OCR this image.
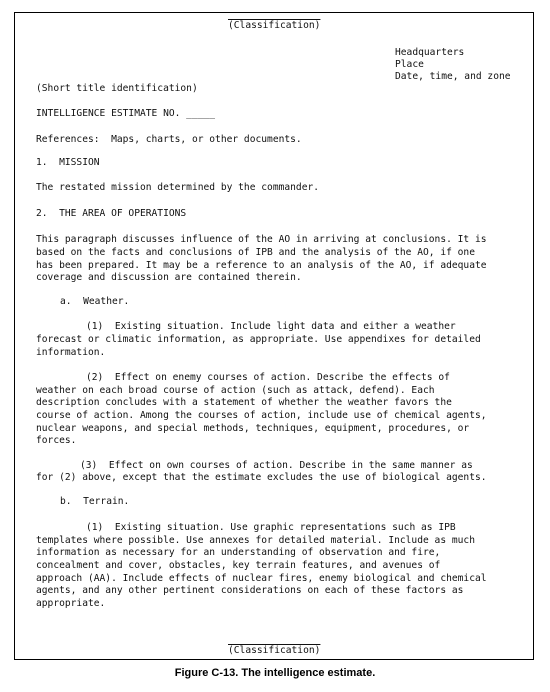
(Classification)
Headquarters
Place
Date, time, and zone
(Short title identification)
INTELLIGENCE ESTIMATE NO. _____
References:  Maps, charts, or other documents.
1.  MISSION
The restated mission determined by the commander.
2.  THE AREA OF OPERATIONS
This paragraph discusses influence of the AO in arriving at conclusions. It is
based on the facts and conclusions of IPB and the analysis of the AO, if one
has been prepared. It may be a reference to an analysis of the AO, if adequate
coverage and discussion are contained therein.
a.  Weather.
(1)  Existing situation. Include light data and either a weather
forecast or climatic information, as appropriate. Use appendixes for detailed
information.
(2)  Effect on enemy courses of action. Describe the effects of
weather on each broad course of action (such as attack, defend). Each
description concludes with a statement of whether the weather favors the
course of action. Among the courses of action, include use of chemical agents,
nuclear weapons, and special methods, techniques, equipment, procedures, or
forces.
(3)  Effect on own courses of action. Describe in the same manner as
for (2) above, except that the estimate excludes the use of biological agents.
b.  Terrain.
(1)  Existing situation. Use graphic representations such as IPB
templates where possible. Use annexes for detailed material. Include as much
information as necessary for an understanding of observation and fire,
concealment and cover, obstacles, key terrain features, and avenues of
approach (AA). Include effects of nuclear fires, enemy biological and chemical
agents, and any other pertinent considerations on each of these factors as
appropriate.
(Classification)
Figure C-13. The intelligence estimate.
